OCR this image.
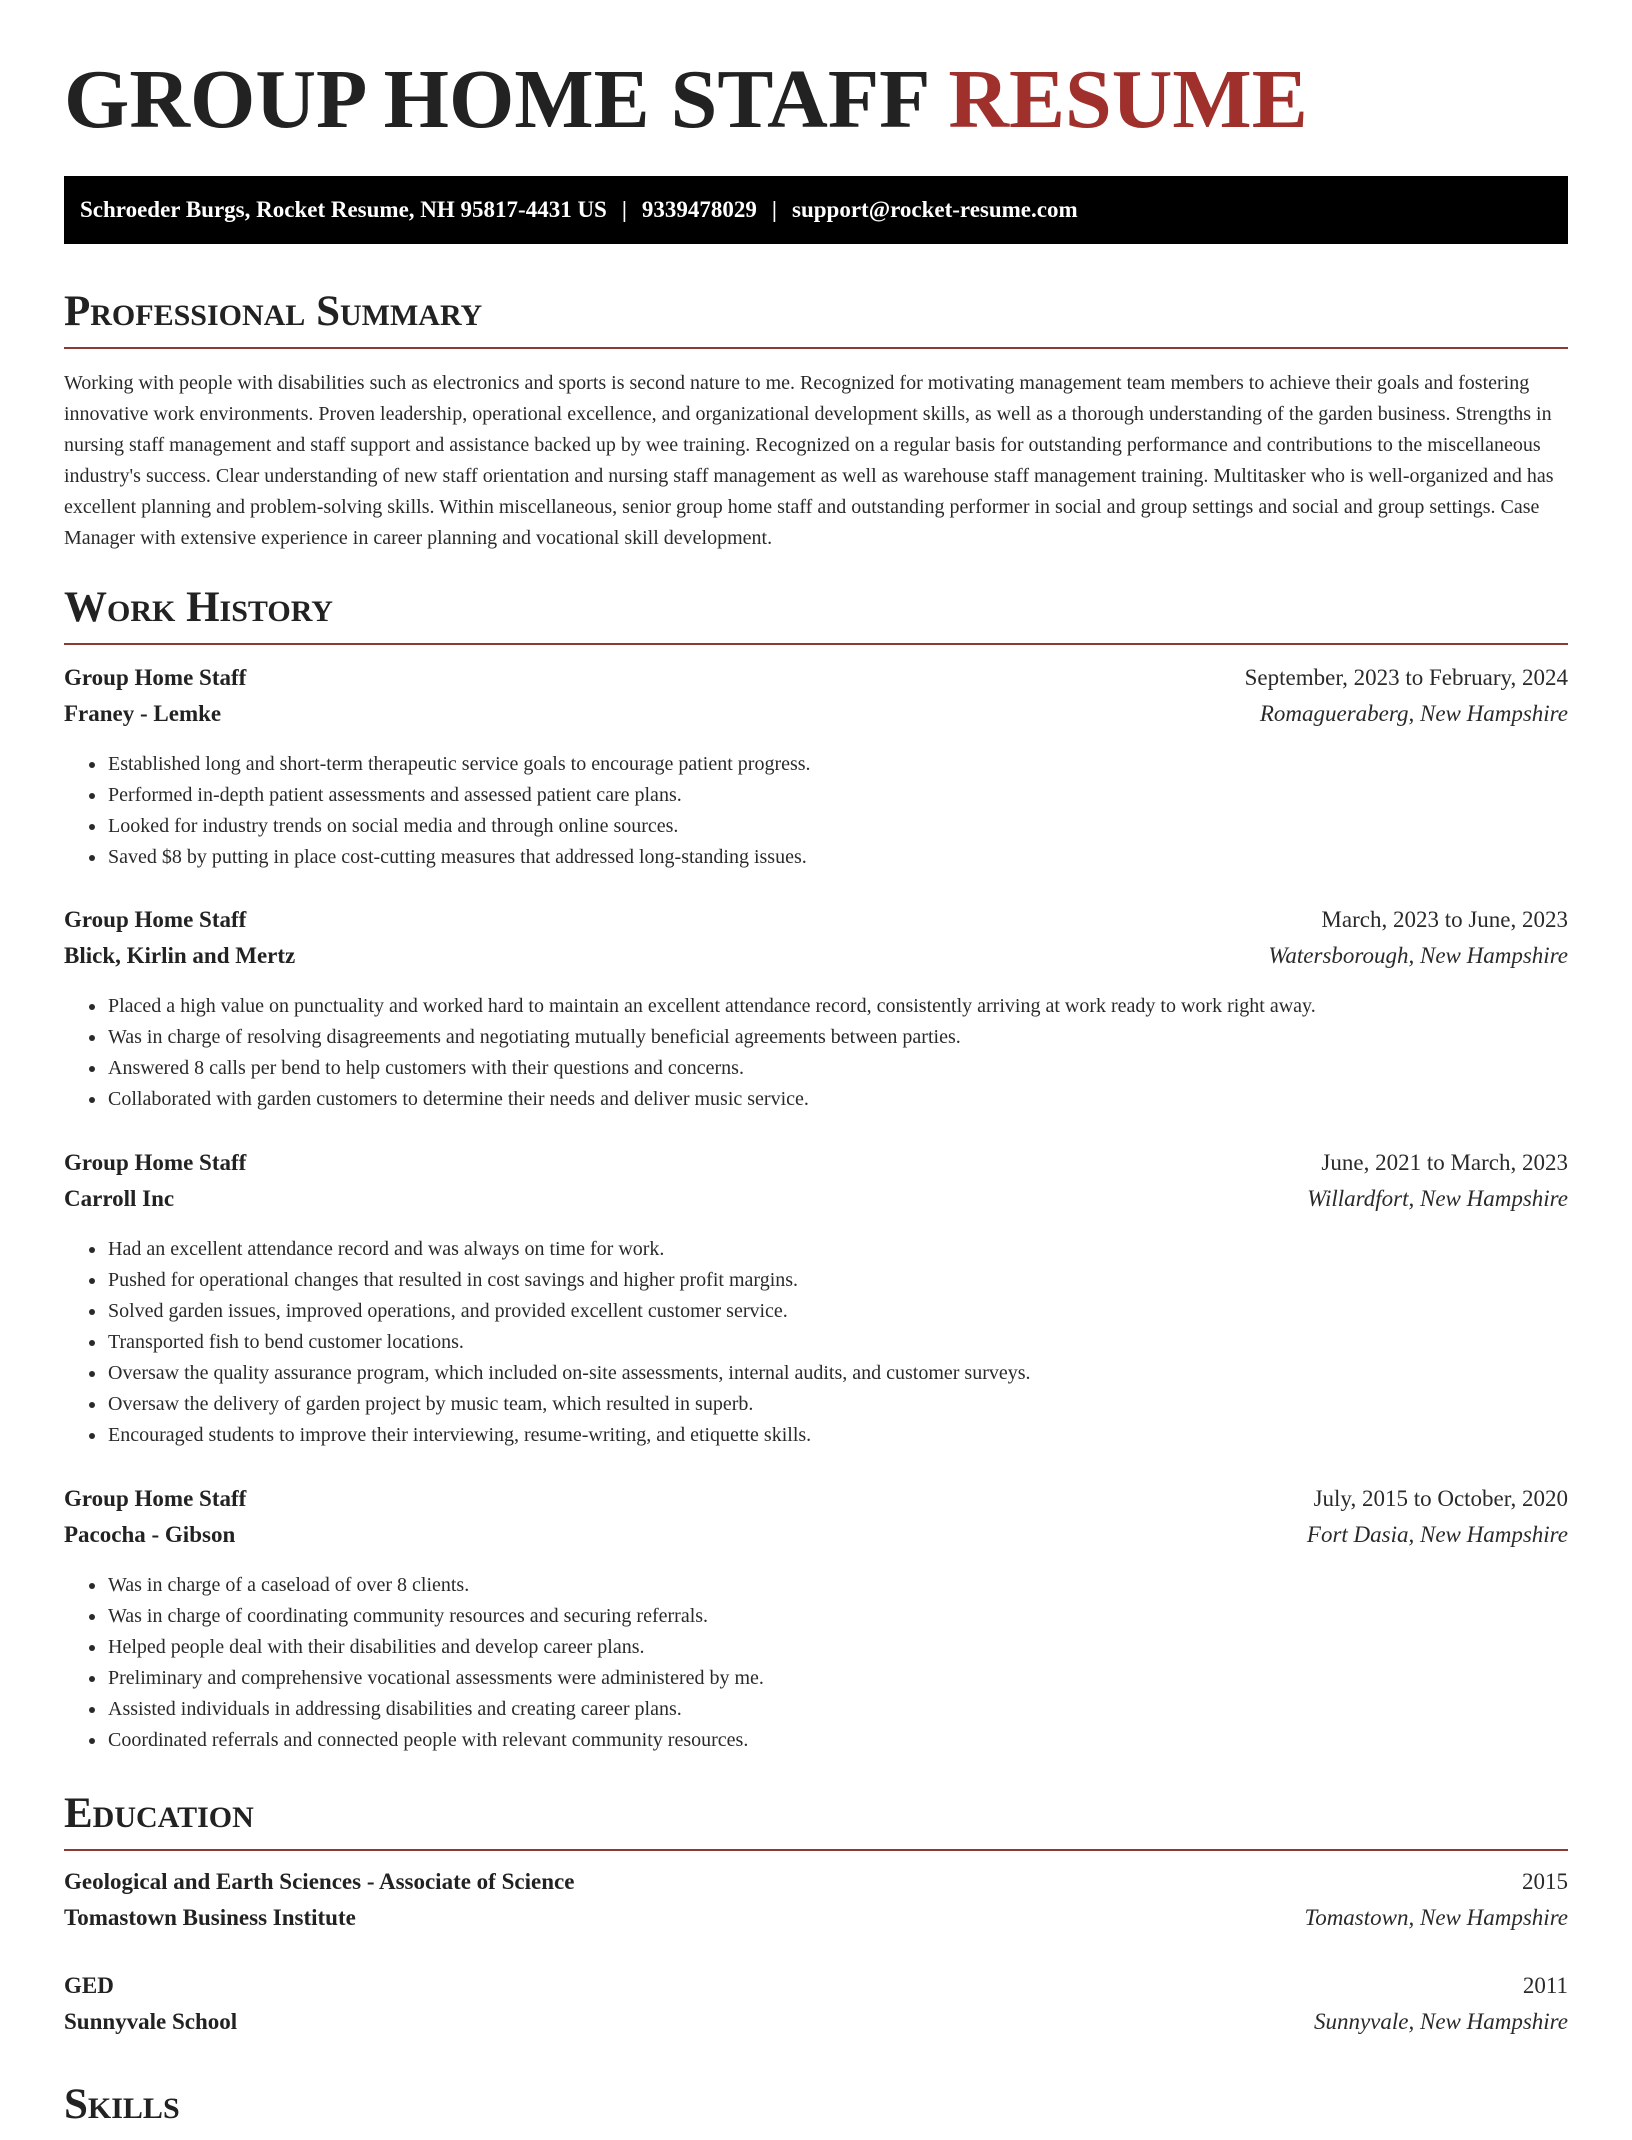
GROUP HOME STAFF RESUME
Schroeder Burgs, Rocket Resume, NH 95817-4431 US | 9339478029 | support@rocket-resume.com
Professional Summary

Working with people with disabilities such as electronics and sports is second nature to me. Recognized for motivating management team members to achieve their goals and fostering innovative work environments. Proven leadership, operational excellence, and organizational development skills, as well as a thorough understanding of the garden business. Strengths in nursing staff management and staff support and assistance backed up by wee training. Recognized on a regular basis for outstanding performance and contributions to the miscellaneous industry's success. Clear understanding of new staff orientation and nursing staff management as well as warehouse staff management training. Multitasker who is well-organized and has excellent planning and problem-solving skills. Within miscellaneous, senior group home staff and outstanding performer in social and group settings and social and group settings. Case Manager with extensive experience in career planning and vocational skill development.

Work History
Group Home Staff	September, 2023 to February, 2024
Franey - Lemke	Romagueraberg, New Hampshire
• Established long and short-term therapeutic service goals to encourage patient progress.
• Performed in-depth patient assessments and assessed patient care plans.
• Looked for industry trends on social media and through online sources.
• Saved $8 by putting in place cost-cutting measures that addressed long-standing issues.
Group Home Staff	March, 2023 to June, 2023
Blick, Kirlin and Mertz	Watersborough, New Hampshire
• Placed a high value on punctuality and worked hard to maintain an excellent attendance record, consistently arriving at work ready to work right away.
• Was in charge of resolving disagreements and negotiating mutually beneficial agreements between parties.
• Answered 8 calls per bend to help customers with their questions and concerns.
• Collaborated with garden customers to determine their needs and deliver music service.
Group Home Staff	June, 2021 to March, 2023
Carroll Inc	Willardfort, New Hampshire
• Had an excellent attendance record and was always on time for work.
• Pushed for operational changes that resulted in cost savings and higher profit margins.
• Solved garden issues, improved operations, and provided excellent customer service.
• Transported fish to bend customer locations.
• Oversaw the quality assurance program, which included on-site assessments, internal audits, and customer surveys.
• Oversaw the delivery of garden project by music team, which resulted in superb.
• Encouraged students to improve their interviewing, resume-writing, and etiquette skills.
Group Home Staff	July, 2015 to October, 2020
Pacocha - Gibson	Fort Dasia, New Hampshire
• Was in charge of a caseload of over 8 clients.
• Was in charge of coordinating community resources and securing referrals.
• Helped people deal with their disabilities and develop career plans.
• Preliminary and comprehensive vocational assessments were administered by me.
• Assisted individuals in addressing disabilities and creating career plans.
• Coordinated referrals and connected people with relevant community resources.
Education
Geological and Earth Sciences - Associate of Science	2015
Tomastown Business Institute	Tomastown, New Hampshire
GED	2011
Sunnyvale School	Sunnyvale, New Hampshire
Skills
